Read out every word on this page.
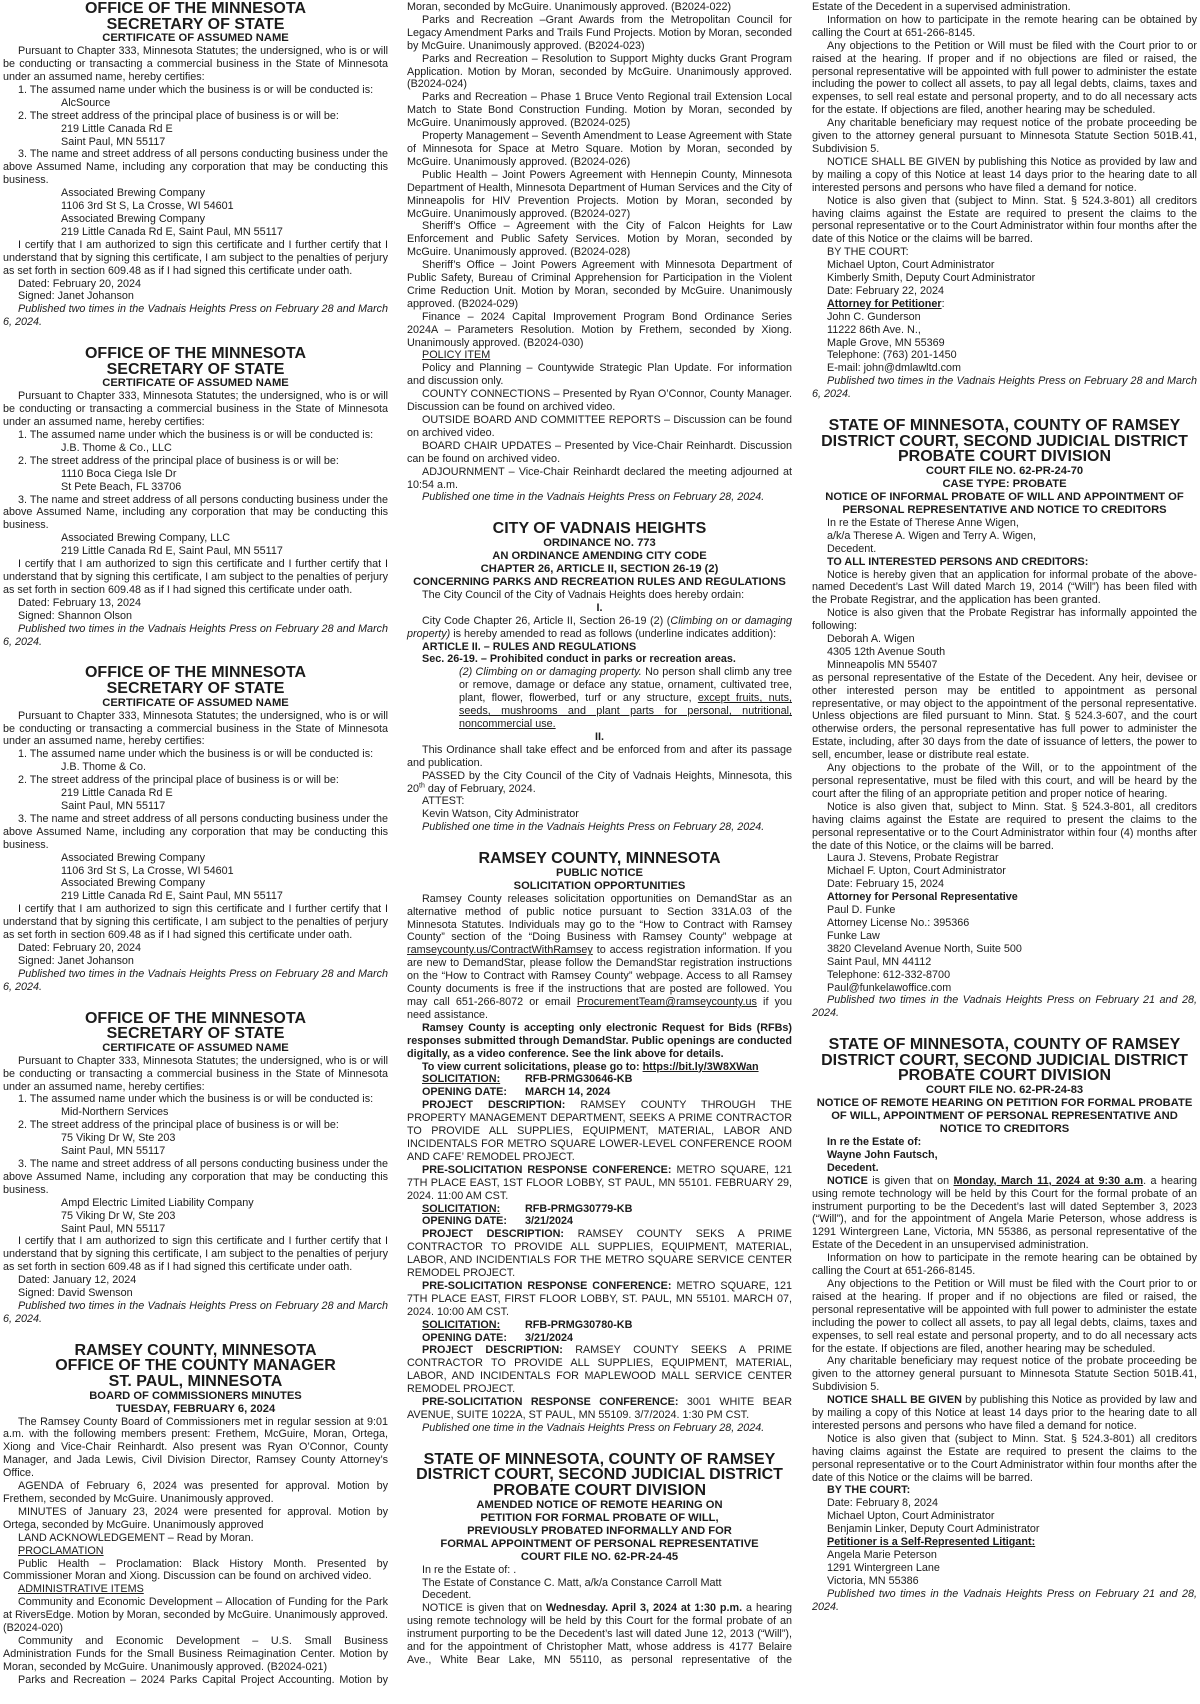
OFFICE OF THE MINNESOTA
SECRETARY OF STATE
CERTIFICATE OF ASSUMED NAME
Pursuant to Chapter 333, Minnesota Statutes; the undersigned, who is or will be conducting or transacting a commercial business in the State of Minnesota under an assumed name, hereby certifies:
1. The assumed name under which the business is or will be conducted is:
AlcSource
2. The street address of the principal place of business is or will be:
219 Little Canada Rd E
Saint Paul, MN 55117
3. The name and street address of all persons conducting business under the above Assumed Name, including any corporation that may be conducting this business.
Associated Brewing Company
1106 3rd St S, La Crosse, WI 54601
Associated Brewing Company
219 Little Canada Rd E, Saint Paul, MN 55117
I certify that I am authorized to sign this certificate and I further certify that I understand that by signing this certificate, I am subject to the penalties of perjury as set forth in section 609.48 as if I had signed this certificate under oath.
Dated: February 20, 2024
Signed: Janet Johanson
Published two times in the Vadnais Heights Press on February 28 and March 6, 2024.
OFFICE OF THE MINNESOTA
SECRETARY OF STATE
CERTIFICATE OF ASSUMED NAME
Pursuant to Chapter 333, Minnesota Statutes; the undersigned, who is or will be conducting or transacting a commercial business in the State of Minnesota under an assumed name, hereby certifies:
1. The assumed name under which the business is or will be conducted is:
J.B. Thome & Co., LLC
2. The street address of the principal place of business is or will be:
1110 Boca Ciega Isle Dr
St Pete Beach, FL 33706
3. The name and street address of all persons conducting business under the above Assumed Name, including any corporation that may be conducting this business.
Associated Brewing Company, LLC
219 Little Canada Rd E, Saint Paul, MN 55117
I certify that I am authorized to sign this certificate and I further certify that I understand that by signing this certificate, I am subject to the penalties of perjury as set forth in section 609.48 as if I had signed this certificate under oath.
Dated: February 13, 2024
Signed: Shannon Olson
Published two times in the Vadnais Heights Press on February 28 and March 6, 2024.
OFFICE OF THE MINNESOTA
SECRETARY OF STATE
CERTIFICATE OF ASSUMED NAME
Pursuant to Chapter 333, Minnesota Statutes; the undersigned, who is or will be conducting or transacting a commercial business in the State of Minnesota under an assumed name, hereby certifies:
1. The assumed name under which the business is or will be conducted is:
J.B. Thome & Co.
2. The street address of the principal place of business is or will be:
219 Little Canada Rd E
Saint Paul, MN 55117
3. The name and street address of all persons conducting business under the above Assumed Name, including any corporation that may be conducting this business.
Associated Brewing Company
1106 3rd St S, La Crosse, WI 54601
Associated Brewing Company
219 Little Canada Rd E, Saint Paul, MN 55117
I certify that I am authorized to sign this certificate and I further certify that I understand that by signing this certificate, I am subject to the penalties of perjury as set forth in section 609.48 as if I had signed this certificate under oath.
Dated: February 20, 2024
Signed: Janet Johanson
Published two times in the Vadnais Heights Press on February 28 and March 6, 2024.
OFFICE OF THE MINNESOTA
SECRETARY OF STATE
CERTIFICATE OF ASSUMED NAME
Pursuant to Chapter 333, Minnesota Statutes; the undersigned, who is or will be conducting or transacting a commercial business in the State of Minnesota under an assumed name, hereby certifies:
1. The assumed name under which the business is or will be conducted is:
Mid-Northern Services
2. The street address of the principal place of business is or will be:
75 Viking Dr W, Ste 203
Saint Paul, MN 55117
3. The name and street address of all persons conducting business under the above Assumed Name, including any corporation that may be conducting this business.
Ampd Electric Limited Liability Company
75 Viking Dr W, Ste 203
Saint Paul, MN 55117
I certify that I am authorized to sign this certificate and I further certify that I understand that by signing this certificate, I am subject to the penalties of perjury as set forth in section 609.48 as if I had signed this certificate under oath.
Dated: January 12, 2024
Signed: David Swenson
Published two times in the Vadnais Heights Press on February 28 and March 6, 2024.
RAMSEY COUNTY, MINNESOTA
OFFICE OF THE COUNTY MANAGER
ST. PAUL, MINNESOTA
BOARD OF COMMISSIONERS MINUTES
TUESDAY, FEBRUARY 6, 2024
The Ramsey County Board of Commissioners met in regular session at 9:01 a.m. with the following members present: Frethem, McGuire, Moran, Ortega, Xiong and Vice-Chair Reinhardt. Also present was Ryan O’Connor, County Manager, and Jada Lewis, Civil Division Director, Ramsey County Attorney’s Office.
AGENDA of February 6, 2024 was presented for approval. Motion by Frethem, seconded by McGuire. Unanimously approved.
MINUTES of January 23, 2024 were presented for approval. Motion by Ortega, seconded by McGuire. Unanimously approved
LAND ACKNOWLEDGEMENT – Read by Moran.
PROCLAMATION
Public Health – Proclamation: Black History Month. Presented by Commissioner Moran and Xiong. Discussion can be found on archived video.
ADMINISTRATIVE ITEMS
Community and Economic Development – Allocation of Funding for the Park at RiversEdge. Motion by Moran, seconded by McGuire. Unanimously approved. (B2024-020)
Community and Economic Development – U.S. Small Business Administration Funds for the Small Business Reimagination Center. Motion by Moran, seconded by McGuire. Unanimously approved. (B2024-021)
Parks and Recreation – 2024 Parks Capital Project Accounting. Motion by
Moran, seconded by McGuire. Unanimously approved. (B2024-022)
Parks and Recreation –Grant Awards from the Metropolitan Council for Legacy Amendment Parks and Trails Fund Projects. Motion by Moran, seconded by McGuire. Unanimously approved. (B2024-023)
Parks and Recreation – Resolution to Support Mighty ducks Grant Program Application. Motion by Moran, seconded by McGuire. Unanimously approved. (B2024-024)
Parks and Recreation – Phase 1 Bruce Vento Regional trail Extension Local Match to State Bond Construction Funding. Motion by Moran, seconded by McGuire. Unanimously approved. (B2024-025)
Property Management – Seventh Amendment to Lease Agreement with State of Minnesota for Space at Metro Square. Motion by Moran, seconded by McGuire. Unanimously approved. (B2024-026)
Public Health – Joint Powers Agreement with Hennepin County, Minnesota Department of Health, Minnesota Department of Human Services and the City of Minneapolis for HIV Prevention Projects. Motion by Moran, seconded by McGuire. Unanimously approved. (B2024-027)
Sheriff’s Office – Agreement with the City of Falcon Heights for Law Enforcement and Public Safety Services. Motion by Moran, seconded by McGuire. Unanimously approved. (B2024-028)
Sheriff’s Office – Joint Powers Agreement with Minnesota Department of Public Safety, Bureau of Criminal Apprehension for Participation in the Violent Crime Reduction Unit. Motion by Moran, seconded by McGuire. Unanimously approved. (B2024-029)
Finance – 2024 Capital Improvement Program Bond Ordinance Series 2024A – Parameters Resolution. Motion by Frethem, seconded by Xiong. Unanimously approved. (B2024-030)
POLICY ITEM
Policy and Planning – Countywide Strategic Plan Update. For information and discussion only.
COUNTY CONNECTIONS – Presented by Ryan O’Connor, County Manager. Discussion can be found on archived video.
OUTSIDE BOARD AND COMMITTEE REPORTS – Discussion can be found on archived video.
BOARD CHAIR UPDATES – Presented by Vice-Chair Reinhardt. Discussion can be found on archived video.
ADJOURNMENT – Vice-Chair Reinhardt declared the meeting adjourned at 10:54 a.m.
Published one time in the Vadnais Heights Press on February 28, 2024.
CITY OF VADNAIS HEIGHTS
ORDINANCE NO. 773
AN ORDINANCE AMENDING CITY CODE
CHAPTER 26, ARTICLE II, SECTION 26-19 (2)
CONCERNING PARKS AND RECREATION RULES AND REGULATIONS
The City Council of the City of Vadnais Heights does hereby ordain:
I.
City Code Chapter 26, Article II, Section 26-19 (2) (Climbing on or damaging property) is hereby amended to read as follows (underline indicates addition):
ARTICLE II. – RULES AND REGULATIONS
Sec. 26-19. – Prohibited conduct in parks or recreation areas.
(2) Climbing on or damaging property. No person shall climb any tree or remove, damage or deface any statue, ornament, cultivated tree, plant, flower, flowerbed, turf or any structure, except fruits, nuts, seeds, mushrooms and plant parts for personal, nutritional, noncommercial use.
II.
This Ordinance shall take effect and be enforced from and after its passage and publication.
PASSED by the City Council of the City of Vadnais Heights, Minnesota, this 20th day of February, 2024.
ATTEST:
Kevin Watson, City Administrator
Published one time in the Vadnais Heights Press on February 28, 2024.
RAMSEY COUNTY, MINNESOTA
PUBLIC NOTICE
SOLICITATION OPPORTUNITIES
Ramsey County releases solicitation opportunities on DemandStar as an alternative method of public notice pursuant to Section 331A.03 of the Minnesota Statutes. Individuals may go to the “How to Contract with Ramsey County” section of the “Doing Business with Ramsey County” webpage at ramseycounty.us/ContractWithRamsey to access registration information. If you are new to DemandStar, please follow the DemandStar registration instructions on the “How to Contract with Ramsey County” webpage. Access to all Ramsey County documents is free if the instructions that are posted are followed. You may call 651-266-8072 or email ProcurementTeam@ramseycounty.us if you need assistance.
Ramsey County is accepting only electronic Request for Bids (RFBs) responses submitted through DemandStar. Public openings are conducted digitally, as a video conference. See the link above for details.
To view current solicitations, please go to: https://bit.ly/3W8XWan
SOLICITATION: RFB-PRMG30646-KB
OPENING DATE: MARCH 14, 2024
PROJECT DESCRIPTION: RAMSEY COUNTY THROUGH THE PROPERTY MANAGEMENT DEPARTMENT, SEEKS A PRIME CONTRACTOR TO PROVIDE ALL SUPPLIES, EQUIPMENT, MATERIAL, LABOR AND INCIDENTALS FOR METRO SQUARE LOWER-LEVEL CONFERENCE ROOM AND CAFE’ REMODEL PROJECT.
PRE-SOLICITATION RESPONSE CONFERENCE: METRO SQUARE, 121 7TH PLACE EAST, 1ST FLOOR LOBBY, ST PAUL, MN 55101. FEBRUARY 29, 2024. 11:00 AM CST.
SOLICITATION: RFB-PRMG30779-KB
OPENING DATE: 3/21/2024
PROJECT DESCRIPTION: RAMSEY COUNTY SEKS A PRIME CONTRACTOR TO PROVIDE ALL SUPPLIES, EQUIPMENT, MATERIAL, LABOR, AND INCIDENTIALS FOR THE METRO SQUARE SERVICE CENTER REMODEL PROJECT.
PRE-SOLICITATION RESPONSE CONFERENCE: METRO SQUARE, 121 7TH PLACE EAST, FIRST FLOOR LOBBY, ST. PAUL, MN 55101. MARCH 07, 2024. 10:00 AM CST.
SOLICITATION: RFB-PRMG30780-KB
OPENING DATE: 3/21/2024
PROJECT DESCRIPTION: RAMSEY COUNTY SEEKS A PRIME CONTRACTOR TO PROVIDE ALL SUPPLIES, EQUIPMENT, MATERIAL, LABOR, AND INCIDENTALS FOR MAPLEWOOD MALL SERVICE CENTER REMODEL PROJECT.
PRE-SOLICITATION RESPONSE CONFERENCE: 3001 WHITE BEAR AVENUE, SUITE 1022A, ST PAUL, MN 55109. 3/7/2024. 1:30 PM CST.
Published one time in the Vadnais Heights Press on February 28, 2024.
STATE OF MINNESOTA, COUNTY OF RAMSEY
DISTRICT COURT, SECOND JUDICIAL DISTRICT
PROBATE COURT DIVISION
AMENDED NOTICE OF REMOTE HEARING ON
PETITION FOR FORMAL PROBATE OF WILL,
PREVIOUSLY PROBATED INFORMALLY AND FOR
FORMAL APPOINTMENT OF PERSONAL REPRESENTATIVE
COURT FILE NO. 62-PR-24-45
In re the Estate of: .
The Estate of Constance C. Matt, a/k/a Constance Carroll Matt
Decedent.
NOTICE is given that on Wednesday. April 3, 2024 at 1:30 p.m. a hearing using remote technology will be held by this Court for the formal probate of an instrument purporting to be the Decedent’s last will dated June 12, 2013 (“Will”), and for the appointment of Christopher Matt, whose address is 4177 Belaire Ave., White Bear Lake, MN 55110, as personal representative of the
Estate of the Decedent in a supervised administration.
Information on how to participate in the remote hearing can be obtained by calling the Court at 651-266-8145.
Any objections to the Petition or Will must be filed with the Court prior to or raised at the hearing. If proper and if no objections are filed or raised, the personal representative will be appointed with full power to administer the estate including the power to collect all assets, to pay all legal debts, claims, taxes and expenses, to sell real estate and personal property, and to do all necessary acts for the estate. If objections are filed, another hearing may be scheduled.
Any charitable beneficiary may request notice of the probate proceeding be given to the attorney general pursuant to Minnesota Statute Section 501B.41, Subdivision 5.
NOTICE SHALL BE GIVEN by publishing this Notice as provided by law and by mailing a copy of this Notice at least 14 days prior to the hearing date to all interested persons and persons who have filed a demand for notice.
Notice is also given that (subject to Minn. Stat. § 524.3-801) all creditors having claims against the Estate are required to present the claims to the personal representative or to the Court Administrator within four months after the date of this Notice or the claims will be barred.
BY THE COURT:
Michael Upton, Court Administrator
Kimberly Smith, Deputy Court Administrator
Date: February 22, 2024
Attorney for Petitioner:
John C. Gunderson
11222 86th Ave. N.,
Maple Grove, MN 55369
Telephone: (763) 201-1450
E-mail: john@dmlawltd.com
Published two times in the Vadnais Heights Press on February 28 and March 6, 2024.
STATE OF MINNESOTA, COUNTY OF RAMSEY
DISTRICT COURT, SECOND JUDICIAL DISTRICT
PROBATE COURT DIVISION
COURT FILE NO. 62-PR-24-70
CASE TYPE: PROBATE
NOTICE OF INFORMAL PROBATE OF WILL AND APPOINTMENT OF
PERSONAL REPRESENTATIVE AND NOTICE TO CREDITORS
In re the Estate of Therese Anne Wigen,
a/k/a Therese A. Wigen and Terry A. Wigen,
Decedent.
TO ALL INTERESTED PERSONS AND CREDITORS:
Notice is hereby given that an application for informal probate of the above-named Decedent’s Last Will dated March 19, 2014 (“Will”) has been filed with the Probate Registrar, and the application has been granted.
Notice is also given that the Probate Registrar has informally appointed the following:
Deborah A. Wigen
4305 12th Avenue South
Minneapolis MN 55407
as personal representative of the Estate of the Decedent. Any heir, devisee or other interested person may be entitled to appointment as personal representative, or may object to the appointment of the personal representative. Unless objections are filed pursuant to Minn. Stat. § 524.3-607, and the court otherwise orders, the personal representative has full power to administer the Estate, including, after 30 days from the date of issuance of letters, the power to sell, encumber, lease or distribute real estate.
Any objections to the probate of the Will, or to the appointment of the personal representative, must be filed with this court, and will be heard by the court after the filing of an appropriate petition and proper notice of hearing.
Notice is also given that, subject to Minn. Stat. § 524.3-801, all creditors having claims against the Estate are required to present the claims to the personal representative or to the Court Administrator within four (4) months after the date of this Notice, or the claims will be barred.
Laura J. Stevens, Probate Registrar
Michael F. Upton, Court Administrator
Date: February 15, 2024
Attorney for Personal Representative
Paul D. Funke
Attorney License No.: 395366
Funke Law
3820 Cleveland Avenue North, Suite 500
Saint Paul, MN 44112
Telephone: 612-332-8700
Paul@funkelawoffice.com
Published two times in the Vadnais Heights Press on February 21 and 28, 2024.
STATE OF MINNESOTA, COUNTY OF RAMSEY
DISTRICT COURT, SECOND JUDICIAL DISTRICT
PROBATE COURT DIVISION
COURT FILE NO. 62-PR-24-83
NOTICE OF REMOTE HEARING ON PETITION FOR FORMAL PROBATE OF WILL, APPOINTMENT OF PERSONAL REPRESENTATIVE AND NOTICE TO CREDITORS
In re the Estate of:
Wayne John Fautsch,
Decedent.
NOTICE is given that on Monday, March 11, 2024 at 9:30 a.m. a hearing using remote technology will be held by this Court for the formal probate of an instrument purporting to be the Decedent’s last will dated September 3, 2023 (“Will”), and for the appointment of Angela Marie Peterson, whose address is 1291 Wintergreen Lane, Victoria, MN 55386, as personal representative of the Estate of the Decedent in an unsupervised administration.
Information on how to participate in the remote hearing can be obtained by calling the Court at 651-266-8145.
Any objections to the Petition or Will must be filed with the Court prior to or raised at the hearing. If proper and if no objections are filed or raised, the personal representative will be appointed with full power to administer the estate including the power to collect all assets, to pay all legal debts, claims, taxes and expenses, to sell real estate and personal property, and to do all necessary acts for the estate. If objections are filed, another hearing may be scheduled.
Any charitable beneficiary may request notice of the probate proceeding be given to the attorney general pursuant to Minnesota Statute Section 501B.41, Subdivision 5.
NOTICE SHALL BE GIVEN by publishing this Notice as provided by law and by mailing a copy of this Notice at least 14 days prior to the hearing date to all interested persons and persons who have filed a demand for notice.
Notice is also given that (subject to Minn. Stat. § 524.3-801) all creditors having claims against the Estate are required to present the claims to the personal representative or to the Court Administrator within four months after the date of this Notice or the claims will be barred.
BY THE COURT:
Date: February 8, 2024
Michael Upton, Court Administrator
Benjamin Linker, Deputy Court Administrator
Petitioner is a Self-Represented Litigant:
Angela Marie Peterson
1291 Wintergreen Lane
Victoria, MN 55386
Published two times in the Vadnais Heights Press on February 21 and 28, 2024.
